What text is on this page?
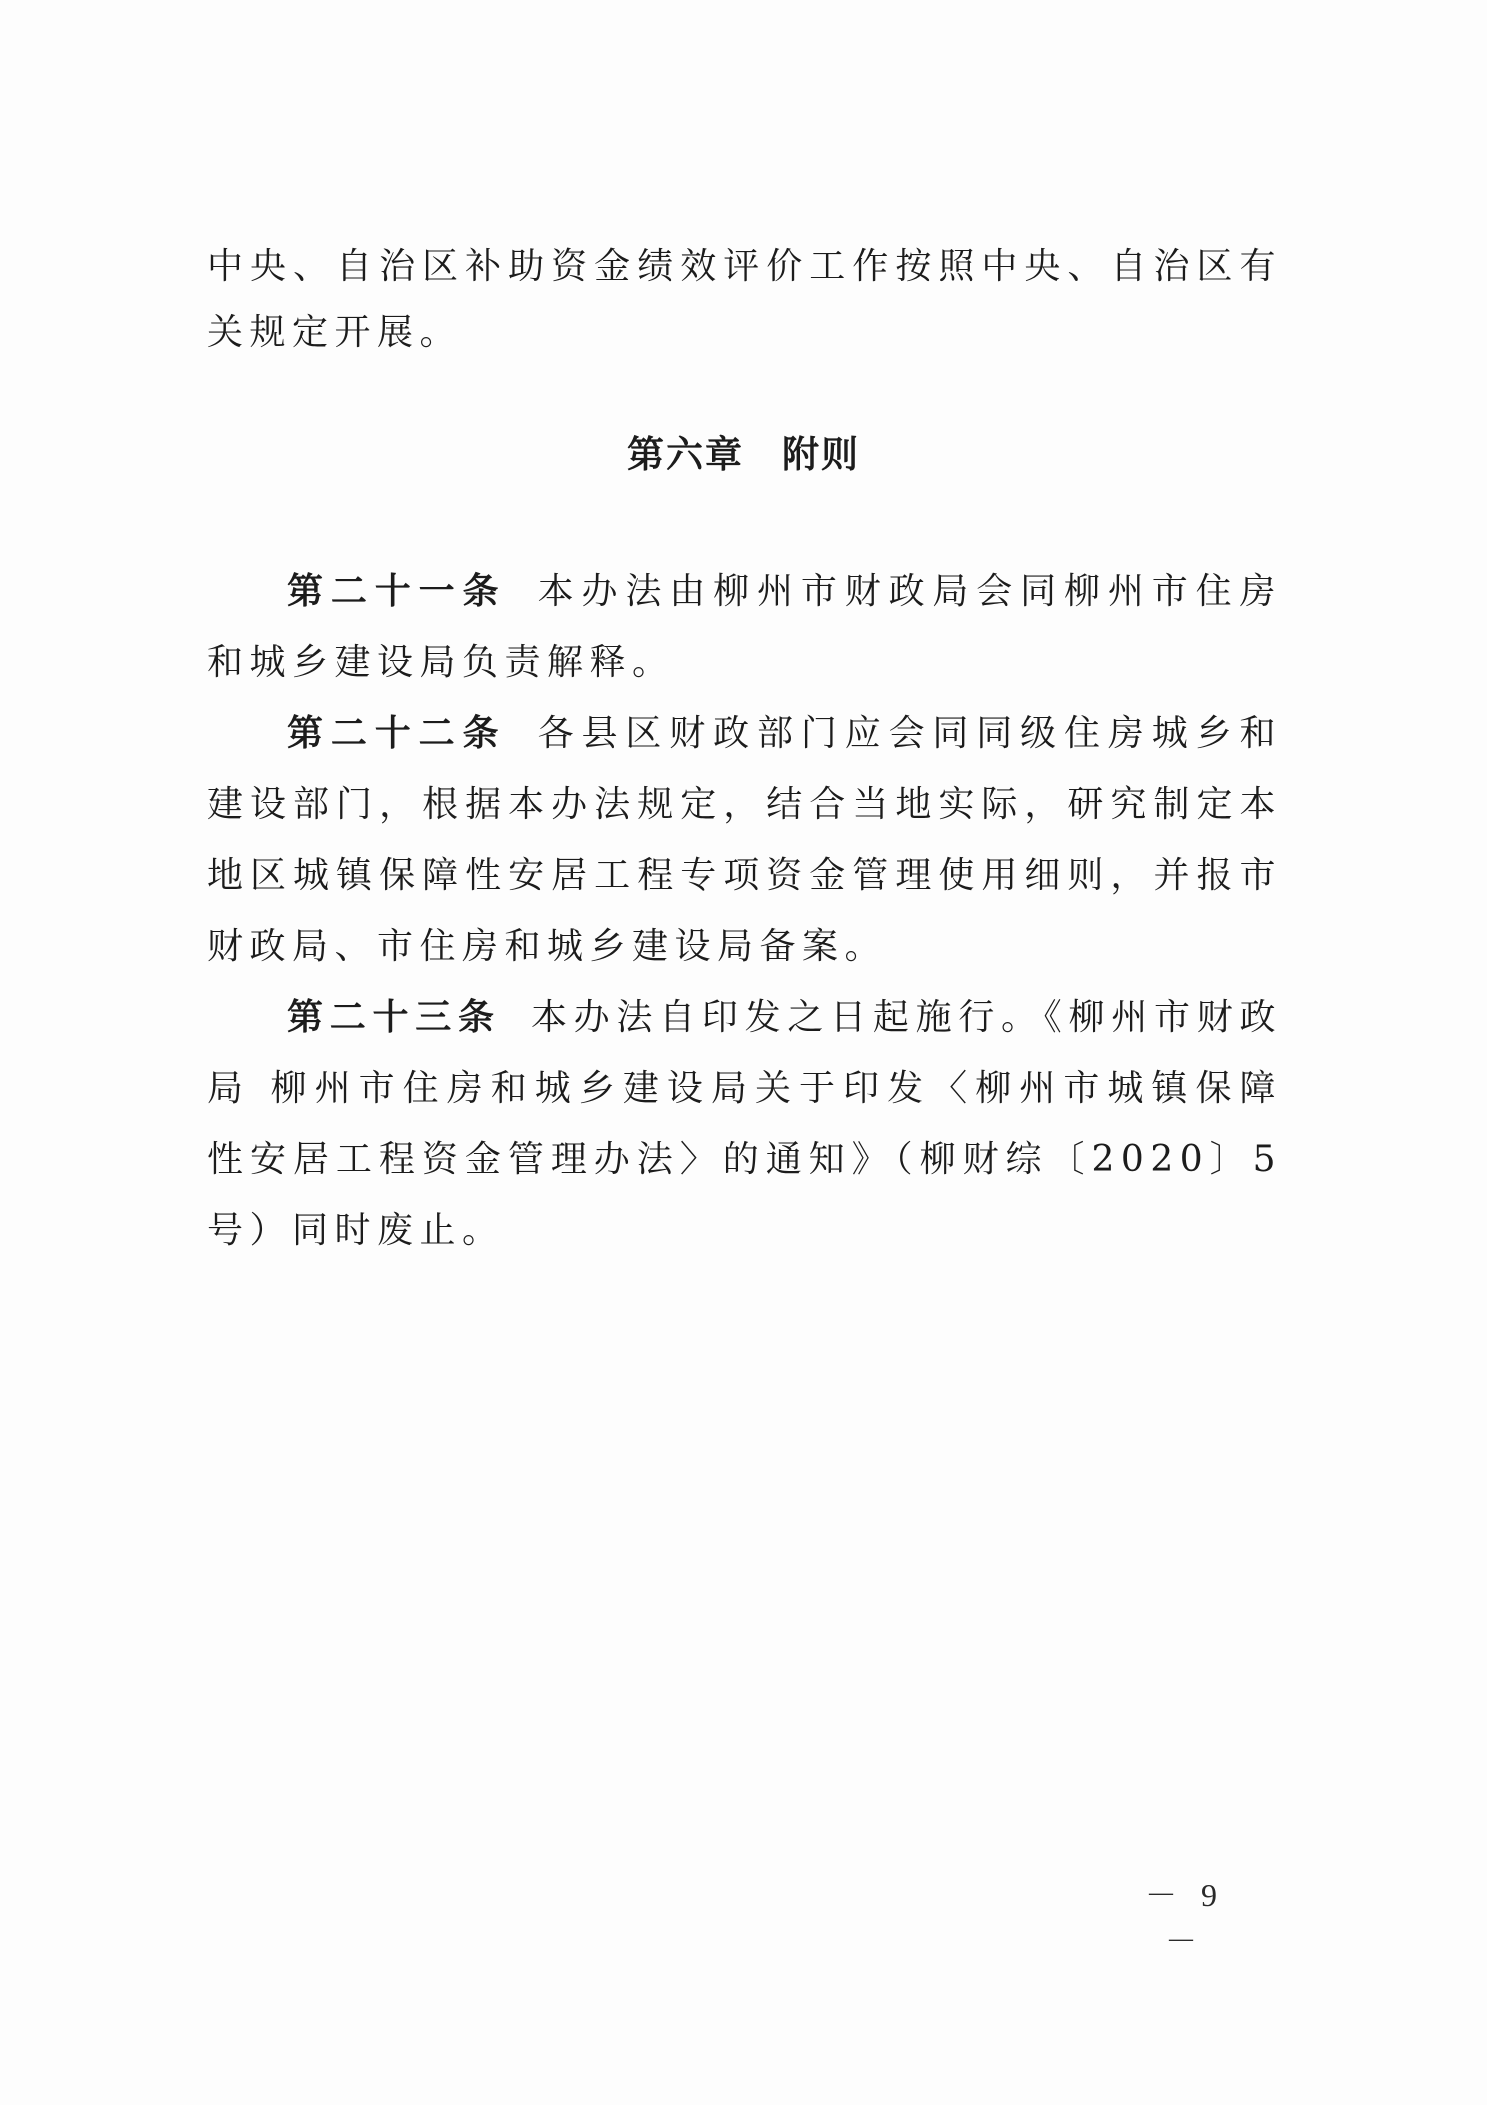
中央、自治区补助资金绩效评价工作按照中央、自治区有关规定开展。

第六章 附则

第二十一条 本办法由柳州市财政局会同柳州市住房和城乡建设局负责解释。

第二十二条 各县区财政部门应会同同级住房城乡和建设部门，根据本办法规定，结合当地实际，研究制定本地区城镇保障性安居工程专项资金管理使用细则，并报市财政局、市住房和城乡建设局备案。

第二十三条 本办法自印发之日起施行。《柳州市财政局 柳州市住房和城乡建设局关于印发〈柳州市城镇保障性安居工程资金管理办法〉的通知》（柳财综〔2020〕5号）同时废止。

－ 9 －
